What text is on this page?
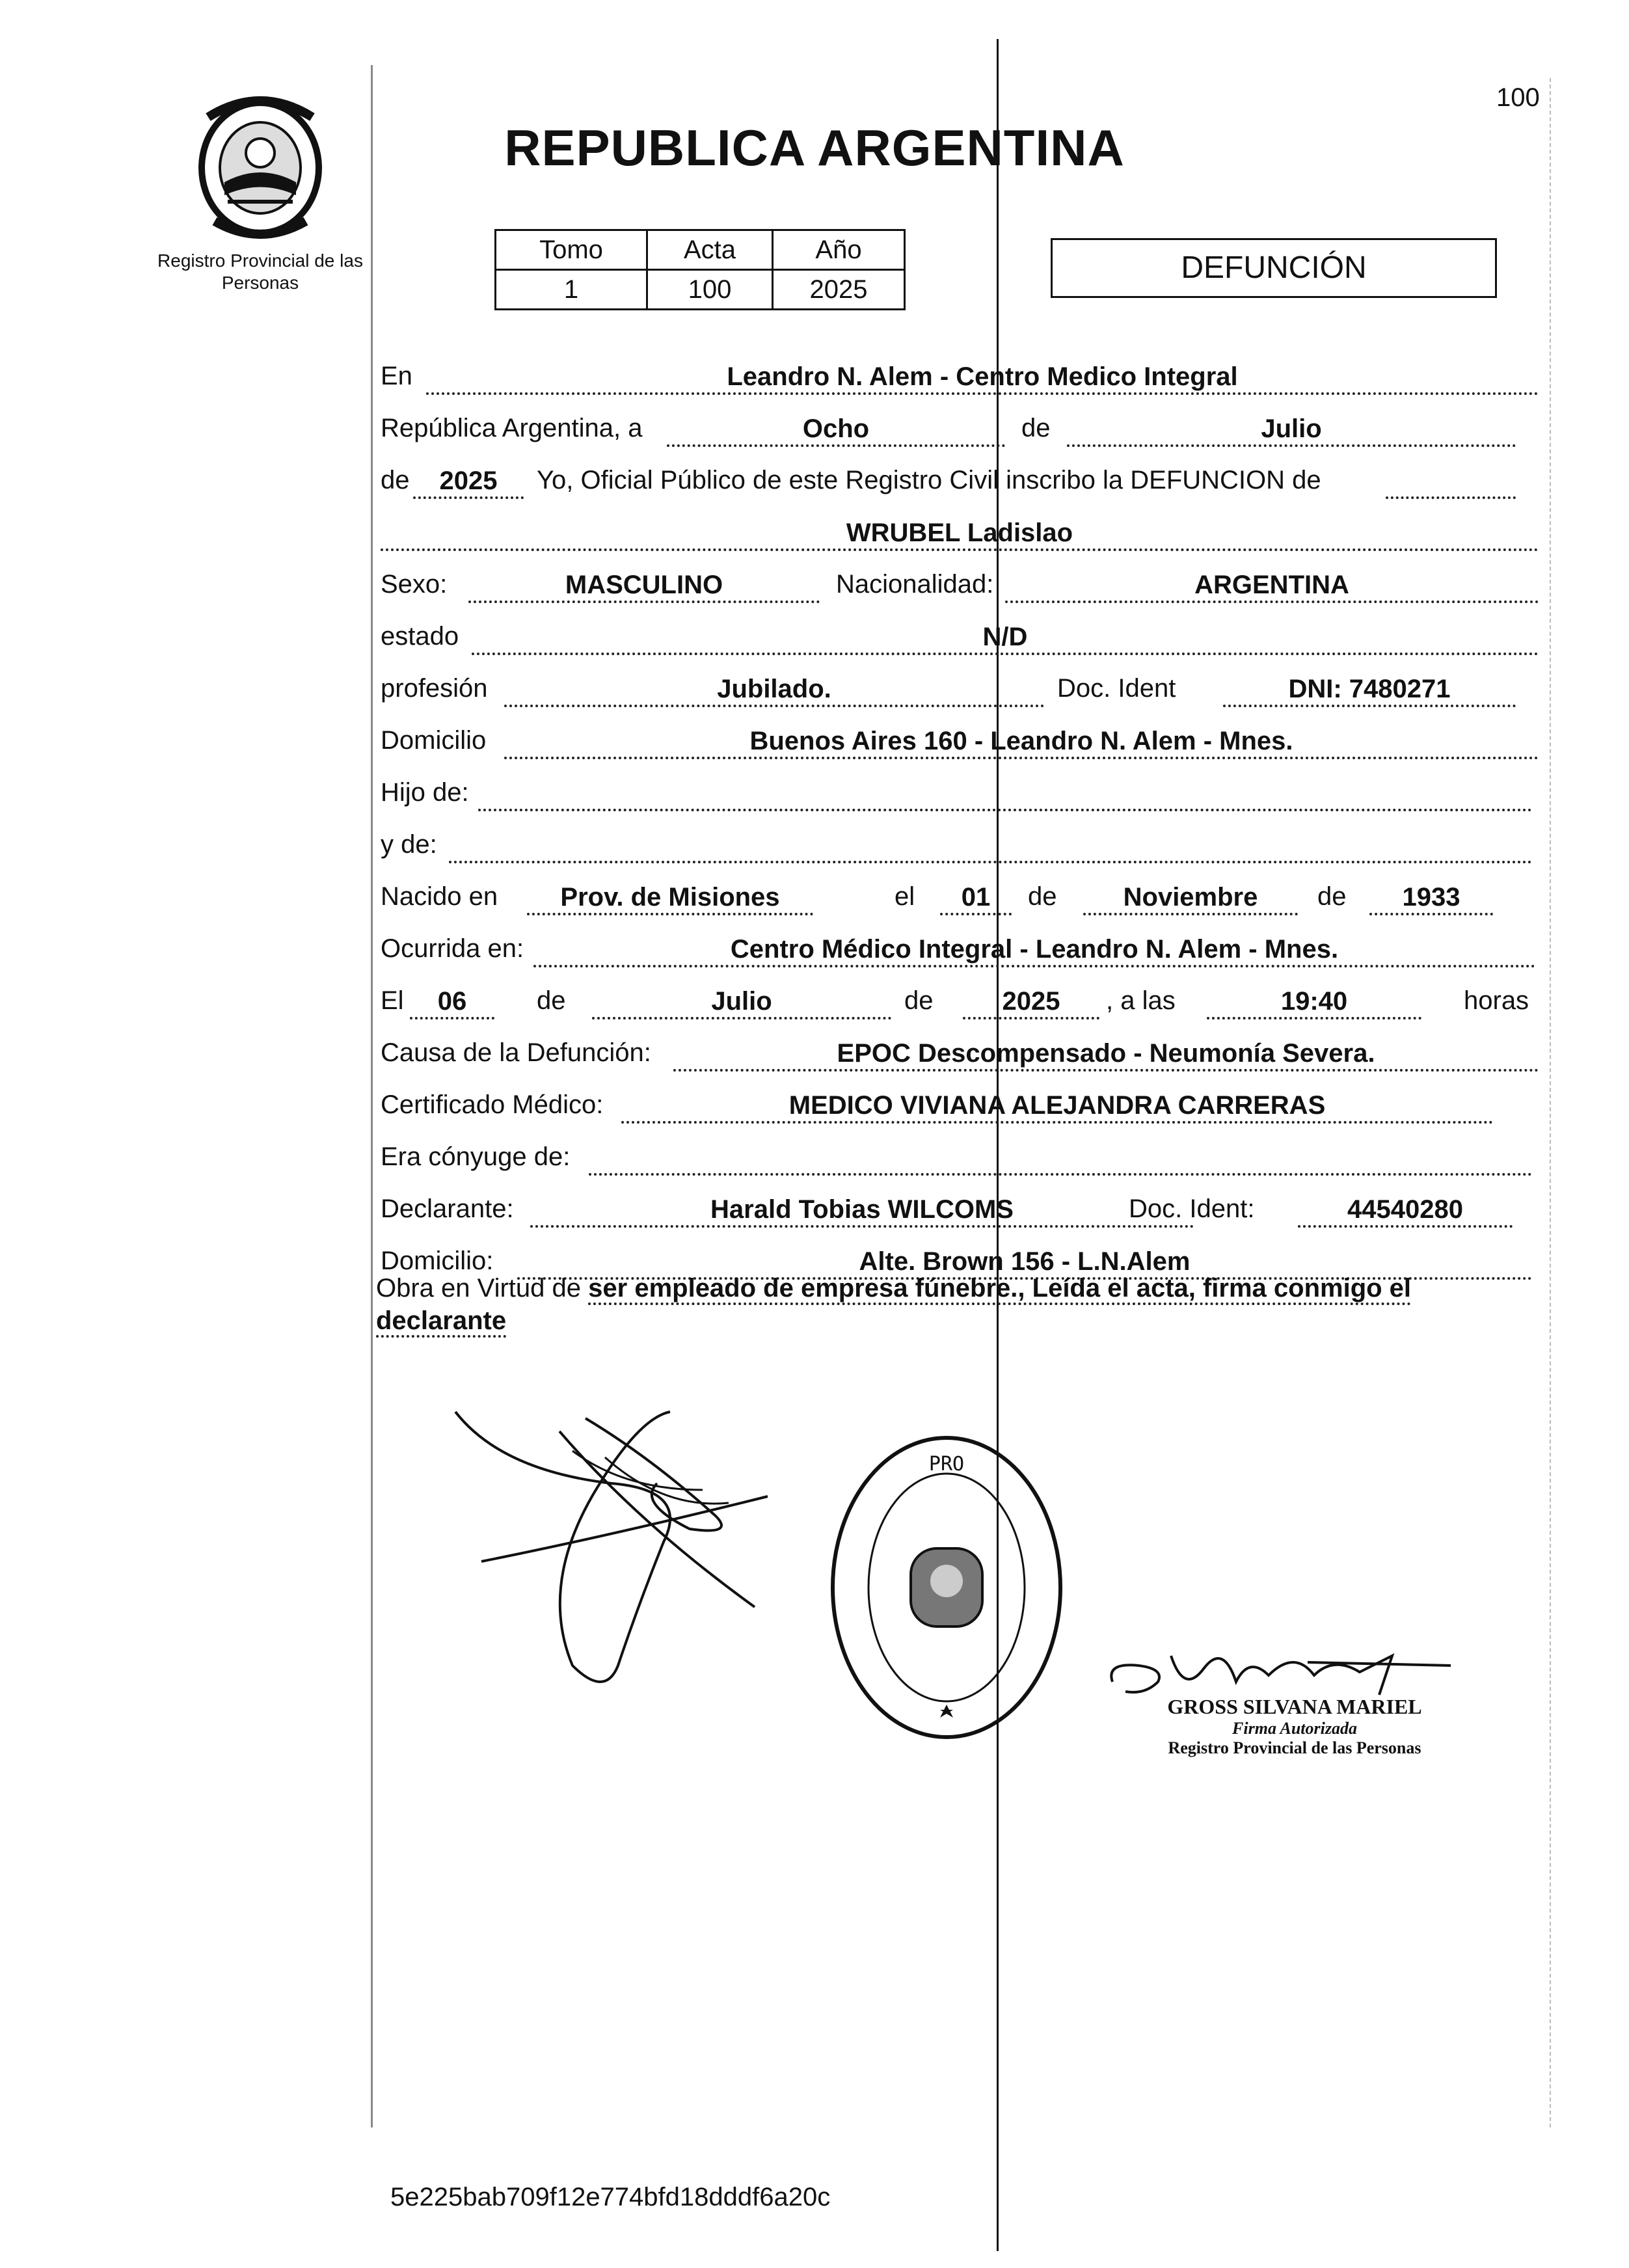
100
Registro Provincial de las Personas
REPUBLICA ARGENTINA
Tomo	Acta	Año
1	100	2025
DEFUNCIÓN
En	Leandro N. Alem - Centro Medico Integral
República Argentina, a	Ocho	de	Julio
de	2025	Yo, Oficial Público de este Registro Civil inscribo la DEFUNCION de
WRUBEL Ladislao
Sexo:	MASCULINO	Nacionalidad:	ARGENTINA
estado	N/D
profesión	Jubilado.	Doc. Ident	DNI: 7480271
Domicilio	Buenos Aires 160 - Leandro N. Alem - Mnes.
Hijo de:
y de:
Nacido en	Prov. de Misiones	el	01	de	Noviembre	de	1933
Ocurrida en:	Centro Médico Integral - Leandro N. Alem - Mnes.
El	06	de	Julio	de	2025	, a las	19:40	horas
Causa de la Defunción:	EPOC Descompensado - Neumonía Severa.
Certificado Médico:	MEDICO VIVIANA ALEJANDRA CARRERAS
Era cónyuge de:
Declarante:	Harald Tobias WILCOMS	Doc. Ident:	44540280
Domicilio:	Alte. Brown 156 - L.N.Alem
Obra en Virtud de ser empleado de empresa fúnebre., Leída el acta, firma conmigo el declarante
PRO
GROSS SILVANA MARIEL
Firma Autorizada
Registro Provincial de las Personas
5e225bab709f12e774bfd18dddf6a20c
